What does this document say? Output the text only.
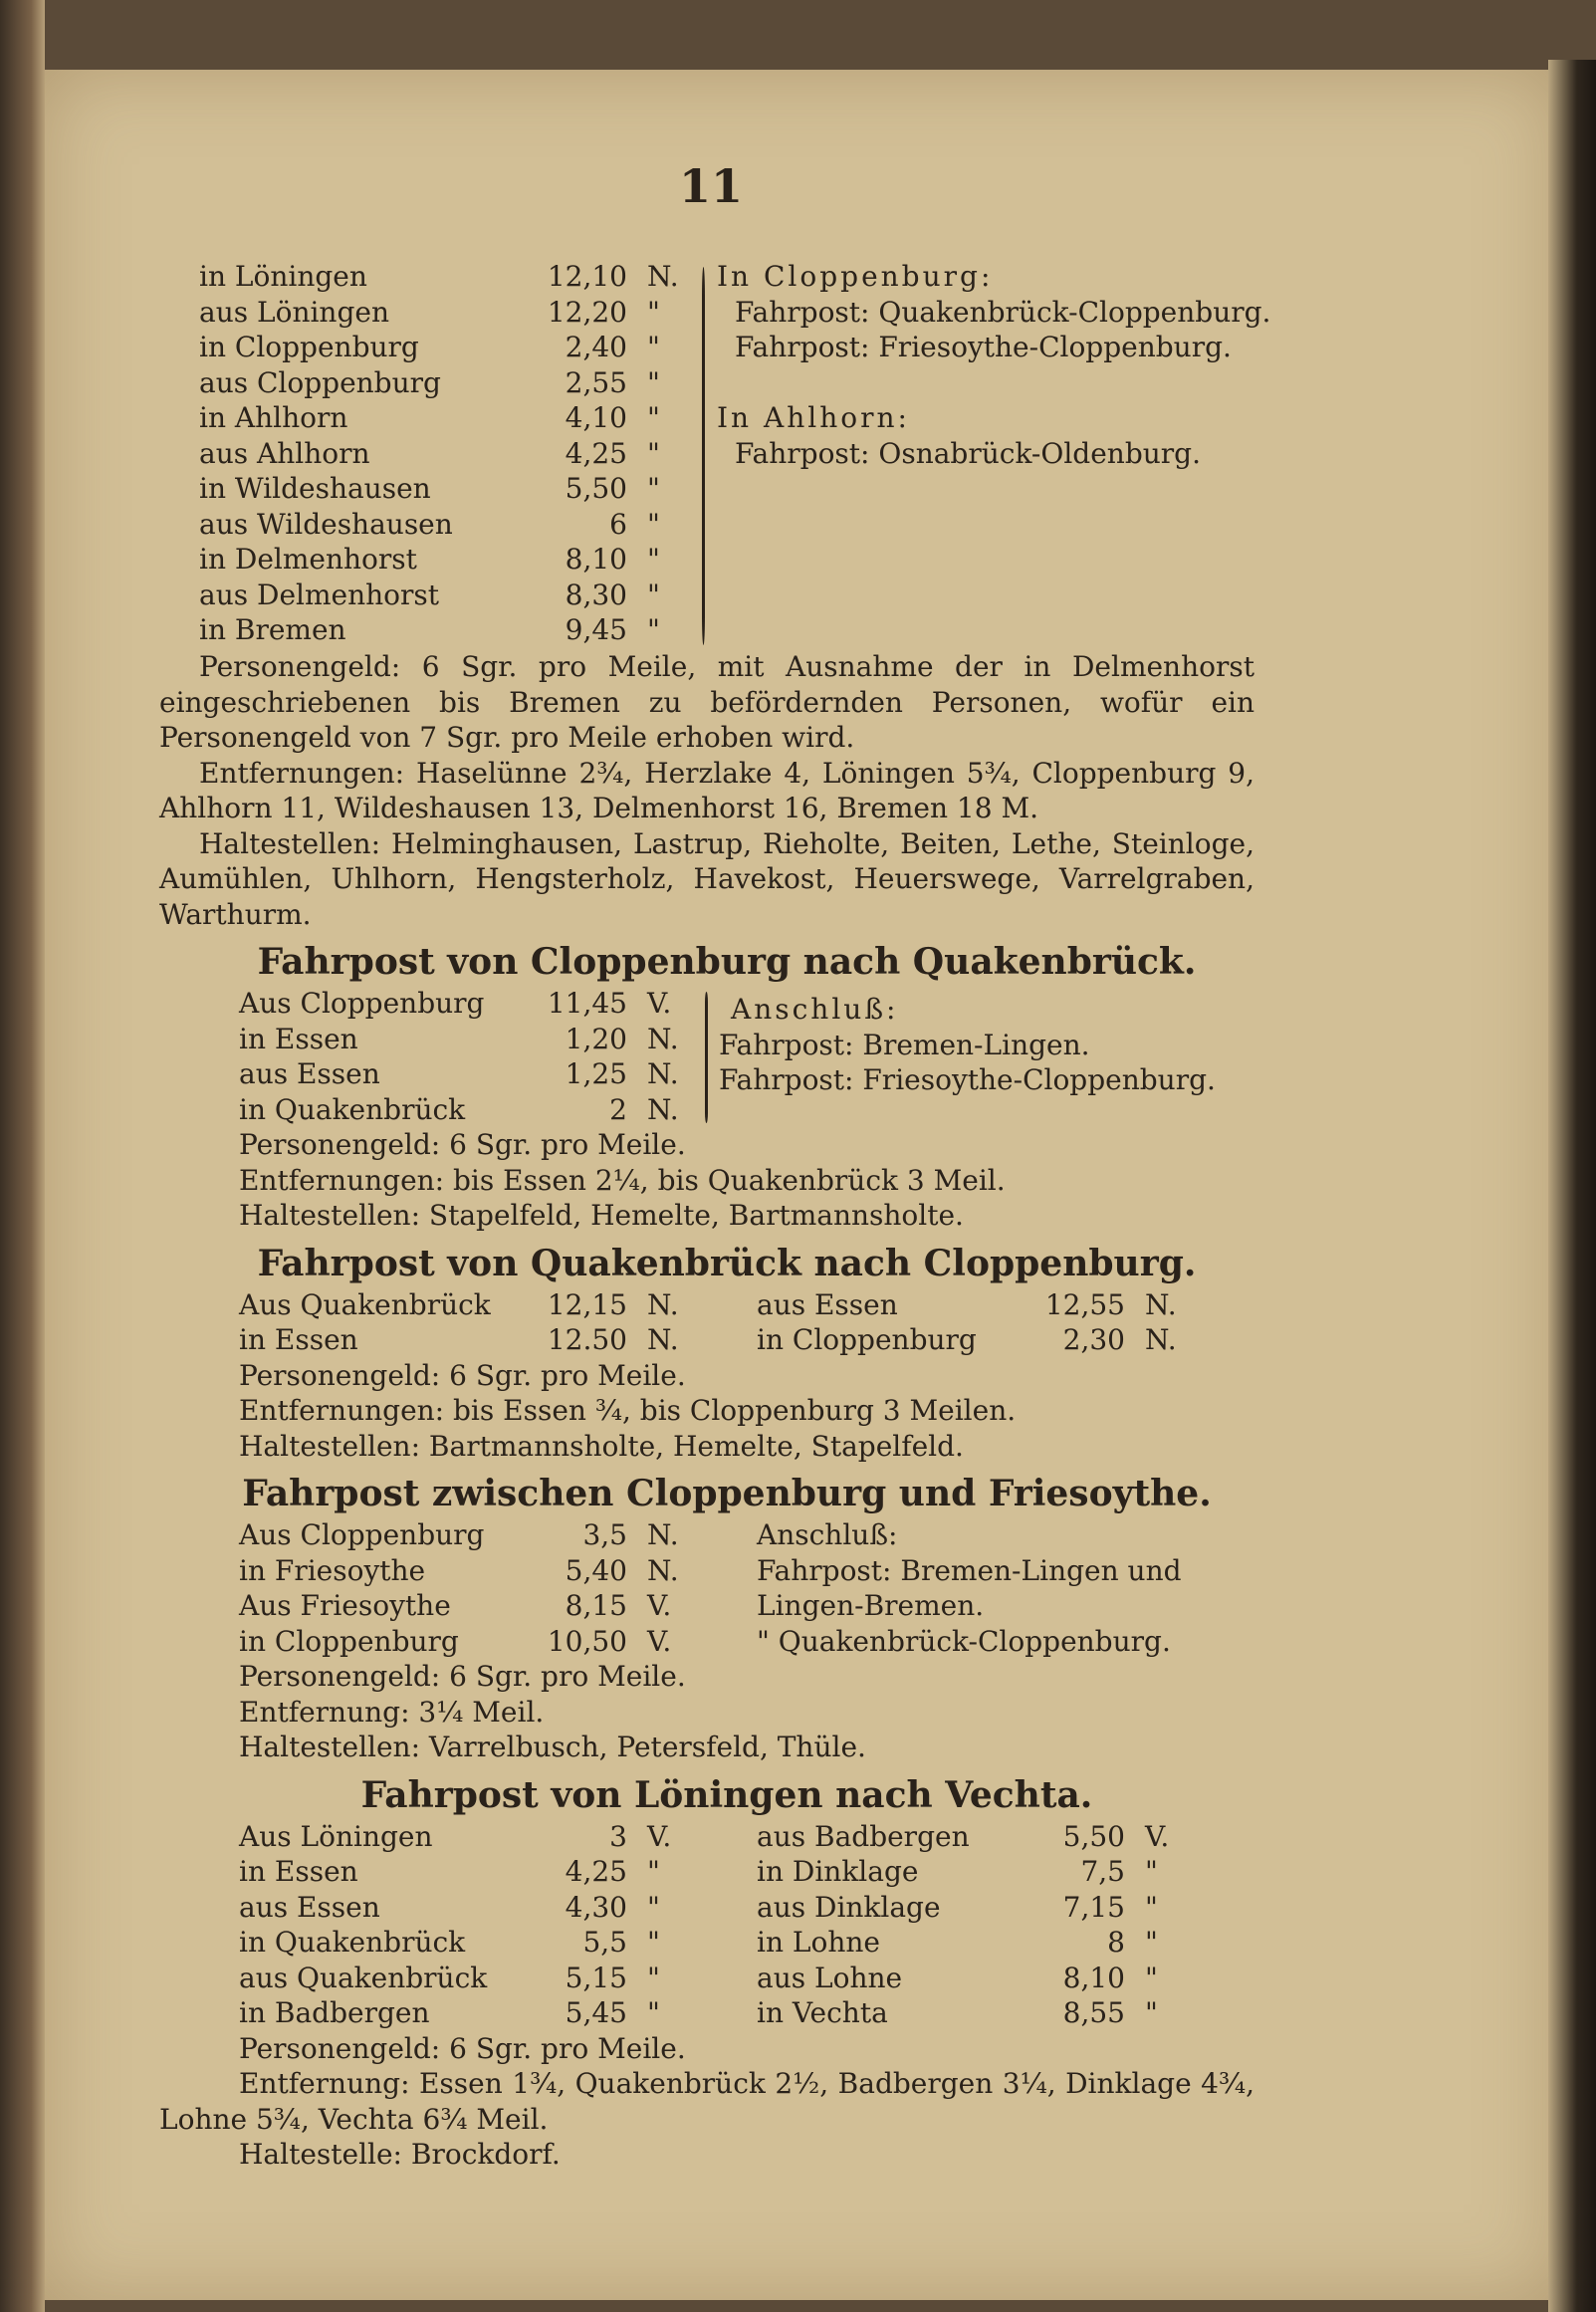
11
in Löningen	12,10 N.
aus Löningen	12,20 "
in Cloppenburg	2,40 "
aus Cloppenburg	2,55 "
in Ahlhorn	4,10 "
aus Ahlhorn	4,25 "
in Wildeshausen	5,50 "
aus Wildeshausen	6 "
in Delmenhorst	8,10 "
aus Delmenhorst	8,30 "
in Bremen	9,45 "
In Cloppenburg:
Fahrpost: Quakenbrück-Cloppenburg.
Fahrpost: Friesoythe-Cloppenburg.
In Ahlhorn:
Fahrpost: Osnabrück-Oldenburg.

Personengeld: 6 Sgr. pro Meile, mit Ausnahme der in Delmenhorst eingeschriebenen bis Bremen zu befördernden Personen, wofür ein Personengeld von 7 Sgr. pro Meile erhoben wird.

Entfernungen: Haselünne 2¾, Herzlake 4, Löningen 5¾, Cloppenburg 9, Ahlhorn 11, Wildeshausen 13, Delmenhorst 16, Bremen 18 M.

Haltestellen: Helminghausen, Lastrup, Rieholte, Beiten, Lethe, Steinloge, Aumühlen, Uhlhorn, Hengsterholz, Havekost, Heuerswege, Varrelgraben, Warthurm.

Fahrpost von Cloppenburg nach Quakenbrück.
Aus Cloppenburg	11,45 V.
in Essen	1,20 N.
aus Essen	1,25 N.
in Quakenbrück	2 N.
Anschluß:
Fahrpost: Bremen-Lingen.
Fahrpost: Friesoythe-Cloppenburg.

Personengeld: 6 Sgr. pro Meile.

Entfernungen: bis Essen 2¼, bis Quakenbrück 3 Meil.

Haltestellen: Stapelfeld, Hemelte, Bartmannsholte.

Fahrpost von Quakenbrück nach Cloppenburg.
Aus Quakenbrück	12,15 N.	aus Essen	12,55 N.
in Essen	12.50 N.	in Cloppenburg	2,30 N.

Personengeld: 6 Sgr. pro Meile.

Entfernungen: bis Essen ¾, bis Cloppenburg 3 Meilen.

Haltestellen: Bartmannsholte, Hemelte, Stapelfeld.

Fahrpost zwischen Cloppenburg und Friesoythe.
Aus Cloppenburg	3,5 N.	Anschluß:
in Friesoythe	5,40 N.	Fahrpost: Bremen-Lingen und
Aus Friesoythe	8,15 V.	Lingen-Bremen.
in Cloppenburg	10,50 V.	" Quakenbrück-Cloppenburg.

Personengeld: 6 Sgr. pro Meile.

Entfernung: 3¼ Meil.

Haltestellen: Varrelbusch, Petersfeld, Thüle.

Fahrpost von Löningen nach Vechta.
Aus Löningen	3 V.	aus Badbergen	5,50 V.
in Essen	4,25 "	in Dinklage	7,5 "
aus Essen	4,30 "	aus Dinklage	7,15 "
in Quakenbrück	5,5 "	in Lohne	8 "
aus Quakenbrück	5,15 "	aus Lohne	8,10 "
in Badbergen	5,45 "	in Vechta	8,55 "

Personengeld: 6 Sgr. pro Meile.

Entfernung: Essen 1¾, Quakenbrück 2½, Badbergen 3¼, Dinklage 4¾, Lohne 5¾, Vechta 6¾ Meil.

Haltestelle: Brockdorf.
